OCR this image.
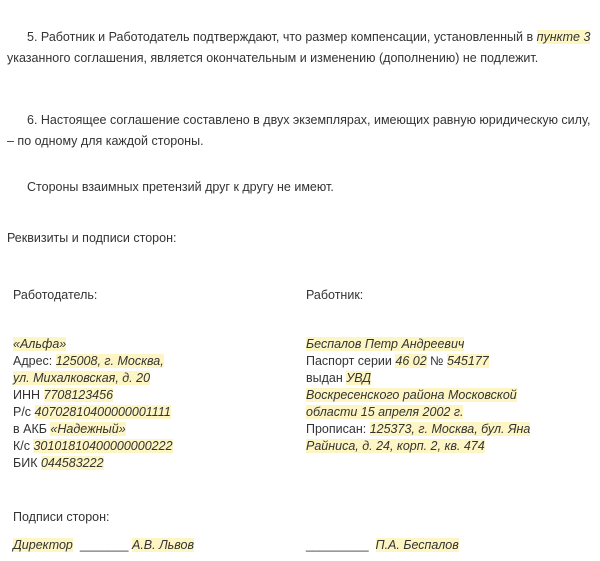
5. Работник и Работодатель подтверждают, что размер компенсации, установленный в пункте 3 указанного соглашения, является окончательным и изменению (дополнению) не подлежит.

6. Настоящее соглашение составлено в двух экземплярах, имеющих равную юридическую силу, – по одному для каждой стороны.

Стороны взаимных претензий друг к другу не имеют.

Реквизиты и подписи сторон:

Работодатель:
«Альфа»
Адрес: 125008, г. Москва,
ул. Михалковская, д. 20
ИНН 7708123456
Р/с 40702810400000001111
в АКБ «Надежный»
К/с 30101810400000000222
БИК 044583222
Работник:
Беспалов Петр Андреевич
Паспорт серии 46 02 № 545177
выдан УВД
Воскресенского района Московской
области 15 апреля 2002 г.
Прописан: 125373, г. Москва, бул. Яна
Райниса, д. 24, корп. 2, кв. 474
Подписи сторон:
Директор _______ А.В. Львов	_________ П.А. Беспалов
